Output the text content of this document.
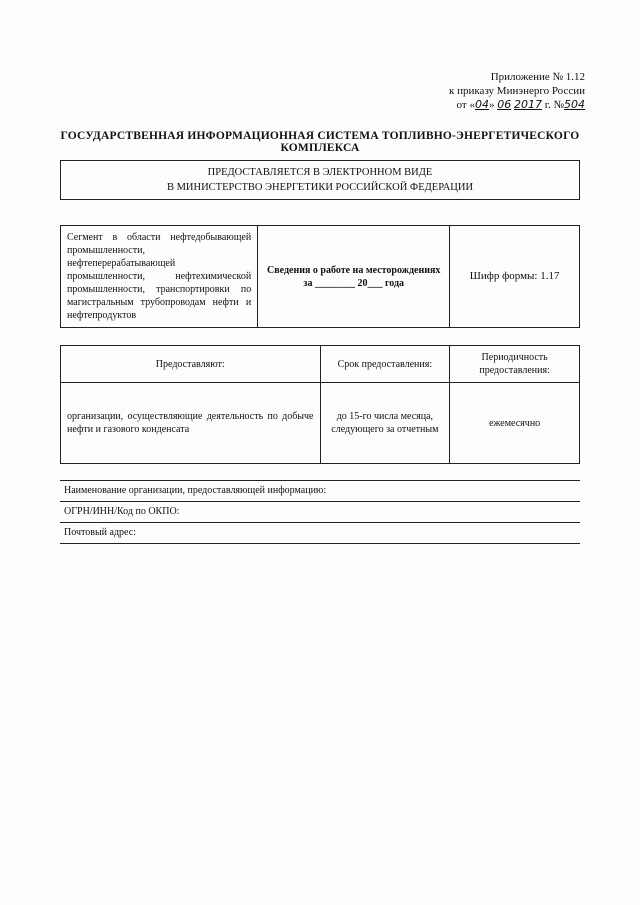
Приложение № 1.12
к приказу Минэнерго России
от «04» 06 2017 г. №504
ГОСУДАРСТВЕННАЯ ИНФОРМАЦИОННАЯ СИСТЕМА ТОПЛИВНО-ЭНЕРГЕТИЧЕСКОГО КОМПЛЕКСА
ПРЕДОСТАВЛЯЕТСЯ В ЭЛЕКТРОННОМ ВИДЕ
В МИНИСТЕРСТВО ЭНЕРГЕТИКИ РОССИЙСКОЙ ФЕДЕРАЦИИ
Сегмент в области нефтедобывающей промышленности, нефтеперерабатывающей промышленности, нефтехимической промышленности, транспортировки по магистральным трубопроводам нефти и нефтепродуктов	Сведения о работе на месторождениях за ________ 20___ года	Шифр формы: 1.17
Предоставляют:	Срок предоставления:	Периодичность предоставления:
организации, осуществляющие деятельность по добыче нефти и газового конденсата	до 15-го числа месяца, следующего за отчетным	ежемесячно
Наименование организации, предоставляющей информацию:
ОГРН/ИНН/Код по ОКПО:
Почтовый адрес:
